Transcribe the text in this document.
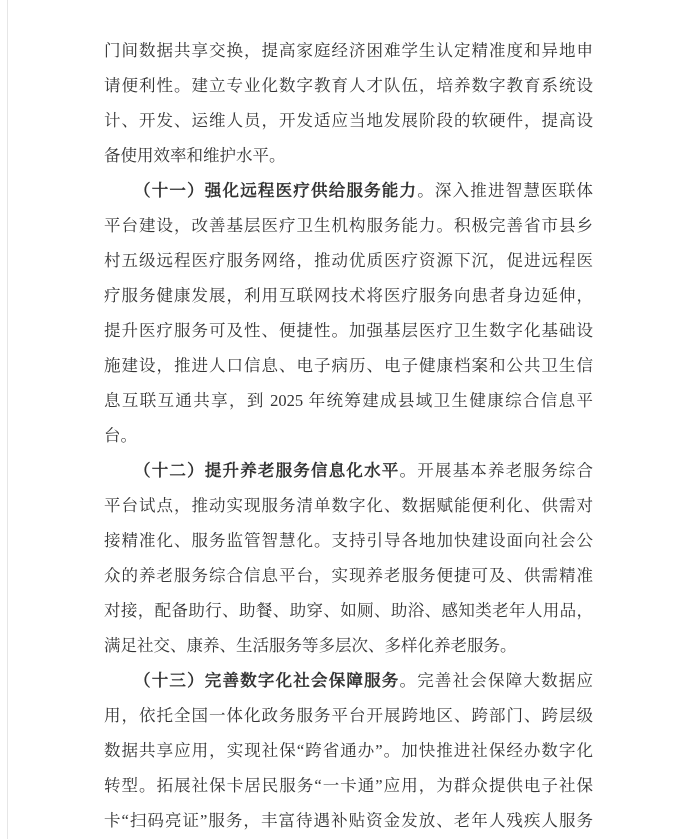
门间数据共享交换，提高家庭经济困难学生认定精准度和异地申
请便利性。建立专业化数字教育人才队伍，培养数字教育系统设
计、开发、运维人员，开发适应当地发展阶段的软硬件，提高设
备使用效率和维护水平。
（十一）强化远程医疗供给服务能力。深入推进智慧医联体
平台建设，改善基层医疗卫生机构服务能力。积极完善省市县乡
村五级远程医疗服务网络，推动优质医疗资源下沉，促进远程医
疗服务健康发展，利用互联网技术将医疗服务向患者身边延伸，
提升医疗服务可及性、便捷性。加强基层医疗卫生数字化基础设
施建设，推进人口信息、电子病历、电子健康档案和公共卫生信
息互联互通共享，到 2025 年统筹建成县域卫生健康综合信息平
台。
（十二）提升养老服务信息化水平。开展基本养老服务综合
平台试点，推动实现服务清单数字化、数据赋能便利化、供需对
接精准化、服务监管智慧化。支持引导各地加快建设面向社会公
众的养老服务综合信息平台，实现养老服务便捷可及、供需精准
对接，配备助行、助餐、助穿、如厕、助浴、感知类老年人用品，
满足社交、康养、生活服务等多层次、多样化养老服务。
（十三）完善数字化社会保障服务。完善社会保障大数据应
用，依托全国一体化政务服务平台开展跨地区、跨部门、跨层级
数据共享应用，实现社保“跨省通办”。加快推进社保经办数字化
转型。拓展社保卡居民服务“一卡通”应用，为群众提供电子社保
卡“扫码亮证”服务，丰富待遇补贴资金发放、老年人残疾人服务
